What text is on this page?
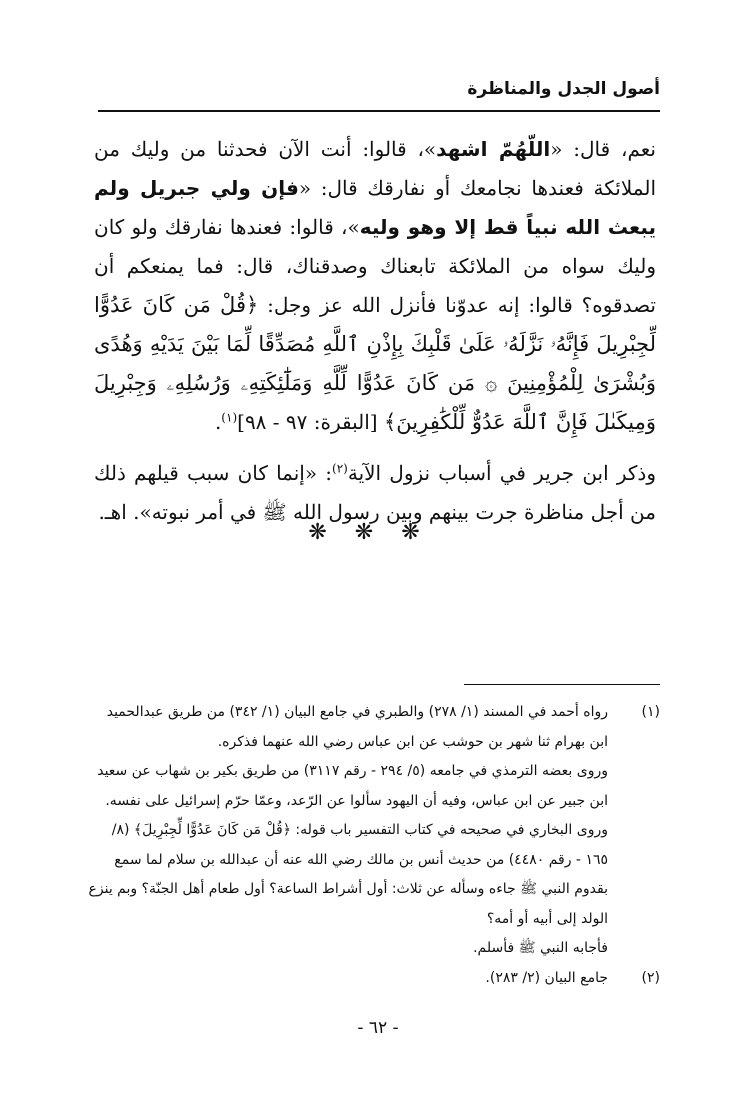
أصول الجدل والمناظرة

نعم، قال: «اللّهُمّ اشهد»، قالوا: أنت الآن فحدثنا من وليك من الملائكة فعندها نجامعك أو نفارقك قال: «فإن ولي جبريل ولم يبعث الله نبياً قط إلا وهو وليه»، قالوا: فعندها نفارقك ولو كان وليك سواه من الملائكة تابعناك وصدقناك، قال: فما يمنعكم أن تصدقوه؟ قالوا: إنه عدوّنا فأنزل الله عز وجل: ﴿قُلْ مَن كَانَ عَدُوًّا لِّجِبْرِيلَ فَإِنَّهُۥ نَزَّلَهُۥ عَلَىٰ قَلْبِكَ بِإِذْنِ ٱللَّهِ مُصَدِّقًا لِّمَا بَيْنَ يَدَيْهِ وَهُدًى وَبُشْرَىٰ لِلْمُؤْمِنِينَ ۞ مَن كَانَ عَدُوًّا لِّلَّهِ وَمَلَٰٓئِكَتِهِۦ وَرُسُلِهِۦ وَجِبْرِيلَ وَمِيكَىٰلَ فَإِنَّ ٱللَّهَ عَدُوٌّ لِّلْكَٰفِرِينَ﴾ [البقرة: ٩٧ - ٩٨]$^{(١)}$.

وذكر ابن جرير في أسباب نزول الآية$^{(٢)}$: «إنما كان سبب قيلهم ذلك من أجل مناظرة جرت بينهم وبين رسول الله ﷺ في أمر نبوته». اهـ.

❋❋❋
(١)
رواه أحمد في المسند (١/ ٢٧٨) والطبري في جامع البيان (١/ ٣٤٢) من طريق عبدالحميد
ابن بهرام ثنا شهر بن حوشب عن ابن عباس رضي الله عنهما فذكره.
وروى بعضه الترمذي في جامعه (٥/ ٢٩٤ - رقم ٣١١٧) من طريق بكير بن شهاب عن سعيد
ابن جبير عن ابن عباس، وفيه أن اليهود سألوا عن الرّعد، وعمّا حرّم إسرائيل على نفسه.
وروى البخاري في صحيحه في كتاب التفسير باب قوله: ﴿قُلْ مَن كَانَ عَدُوًّا لِّجِبْرِيلَ﴾ (٨/
١٦٥ - رقم ٤٤٨٠) من حديث أنس بن مالك رضي الله عنه أن عبدالله بن سلام لما سمع
بقدوم النبي ﷺ جاءه وسأله عن ثلاث: أول أشراط الساعة؟ أول طعام أهل الجنّة؟ وبم ينزع
الولد إلى أبيه أو أمه؟
فأجابه النبي ﷺ فأسلم.
(٢)
جامع البيان (٢/ ٢٨٣).
- ٦٢ -
